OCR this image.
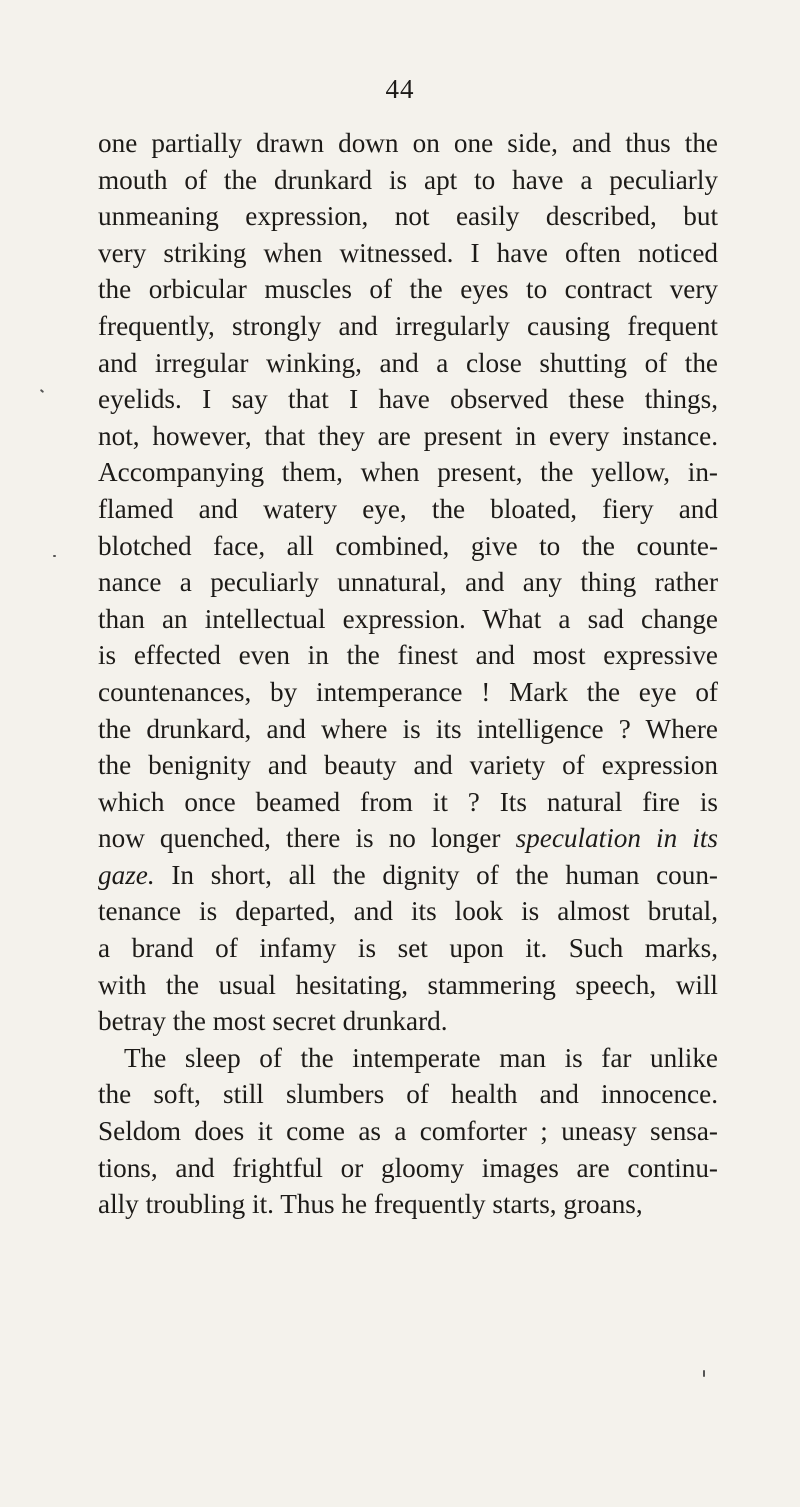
44
one partially drawn down on one side, and thus the
mouth of the drunkard is apt to have a peculiarly
unmeaning expression, not easily described, but
very striking when witnessed. I have often noticed
the orbicular muscles of the eyes to contract very
frequently, strongly and irregularly causing frequent
and irregular winking, and a close shutting of the
eyelids. I say that I have observed these things,
not, however, that they are present in every instance.
Accompanying them, when present, the yellow, in-
flamed and watery eye, the bloated, fiery and
blotched face, all combined, give to the counte-
nance a peculiarly unnatural, and any thing rather
than an intellectual expression. What a sad change
is effected even in the finest and most expressive
countenances, by intemperance ! Mark the eye of
the drunkard, and where is its intelligence ? Where
the benignity and beauty and variety of expression
which once beamed from it ? Its natural fire is
now quenched, there is no longer speculation in its
gaze. In short, all the dignity of the human coun-
tenance is departed, and its look is almost brutal,
a brand of infamy is set upon it. Such marks,
with the usual hesitating, stammering speech, will
betray the most secret drunkard.
The sleep of the intemperate man is far unlike
the soft, still slumbers of health and innocence.
Seldom does it come as a comforter ; uneasy sensa-
tions, and frightful or gloomy images are continu-
ally troubling it. Thus he frequently starts, groans,
